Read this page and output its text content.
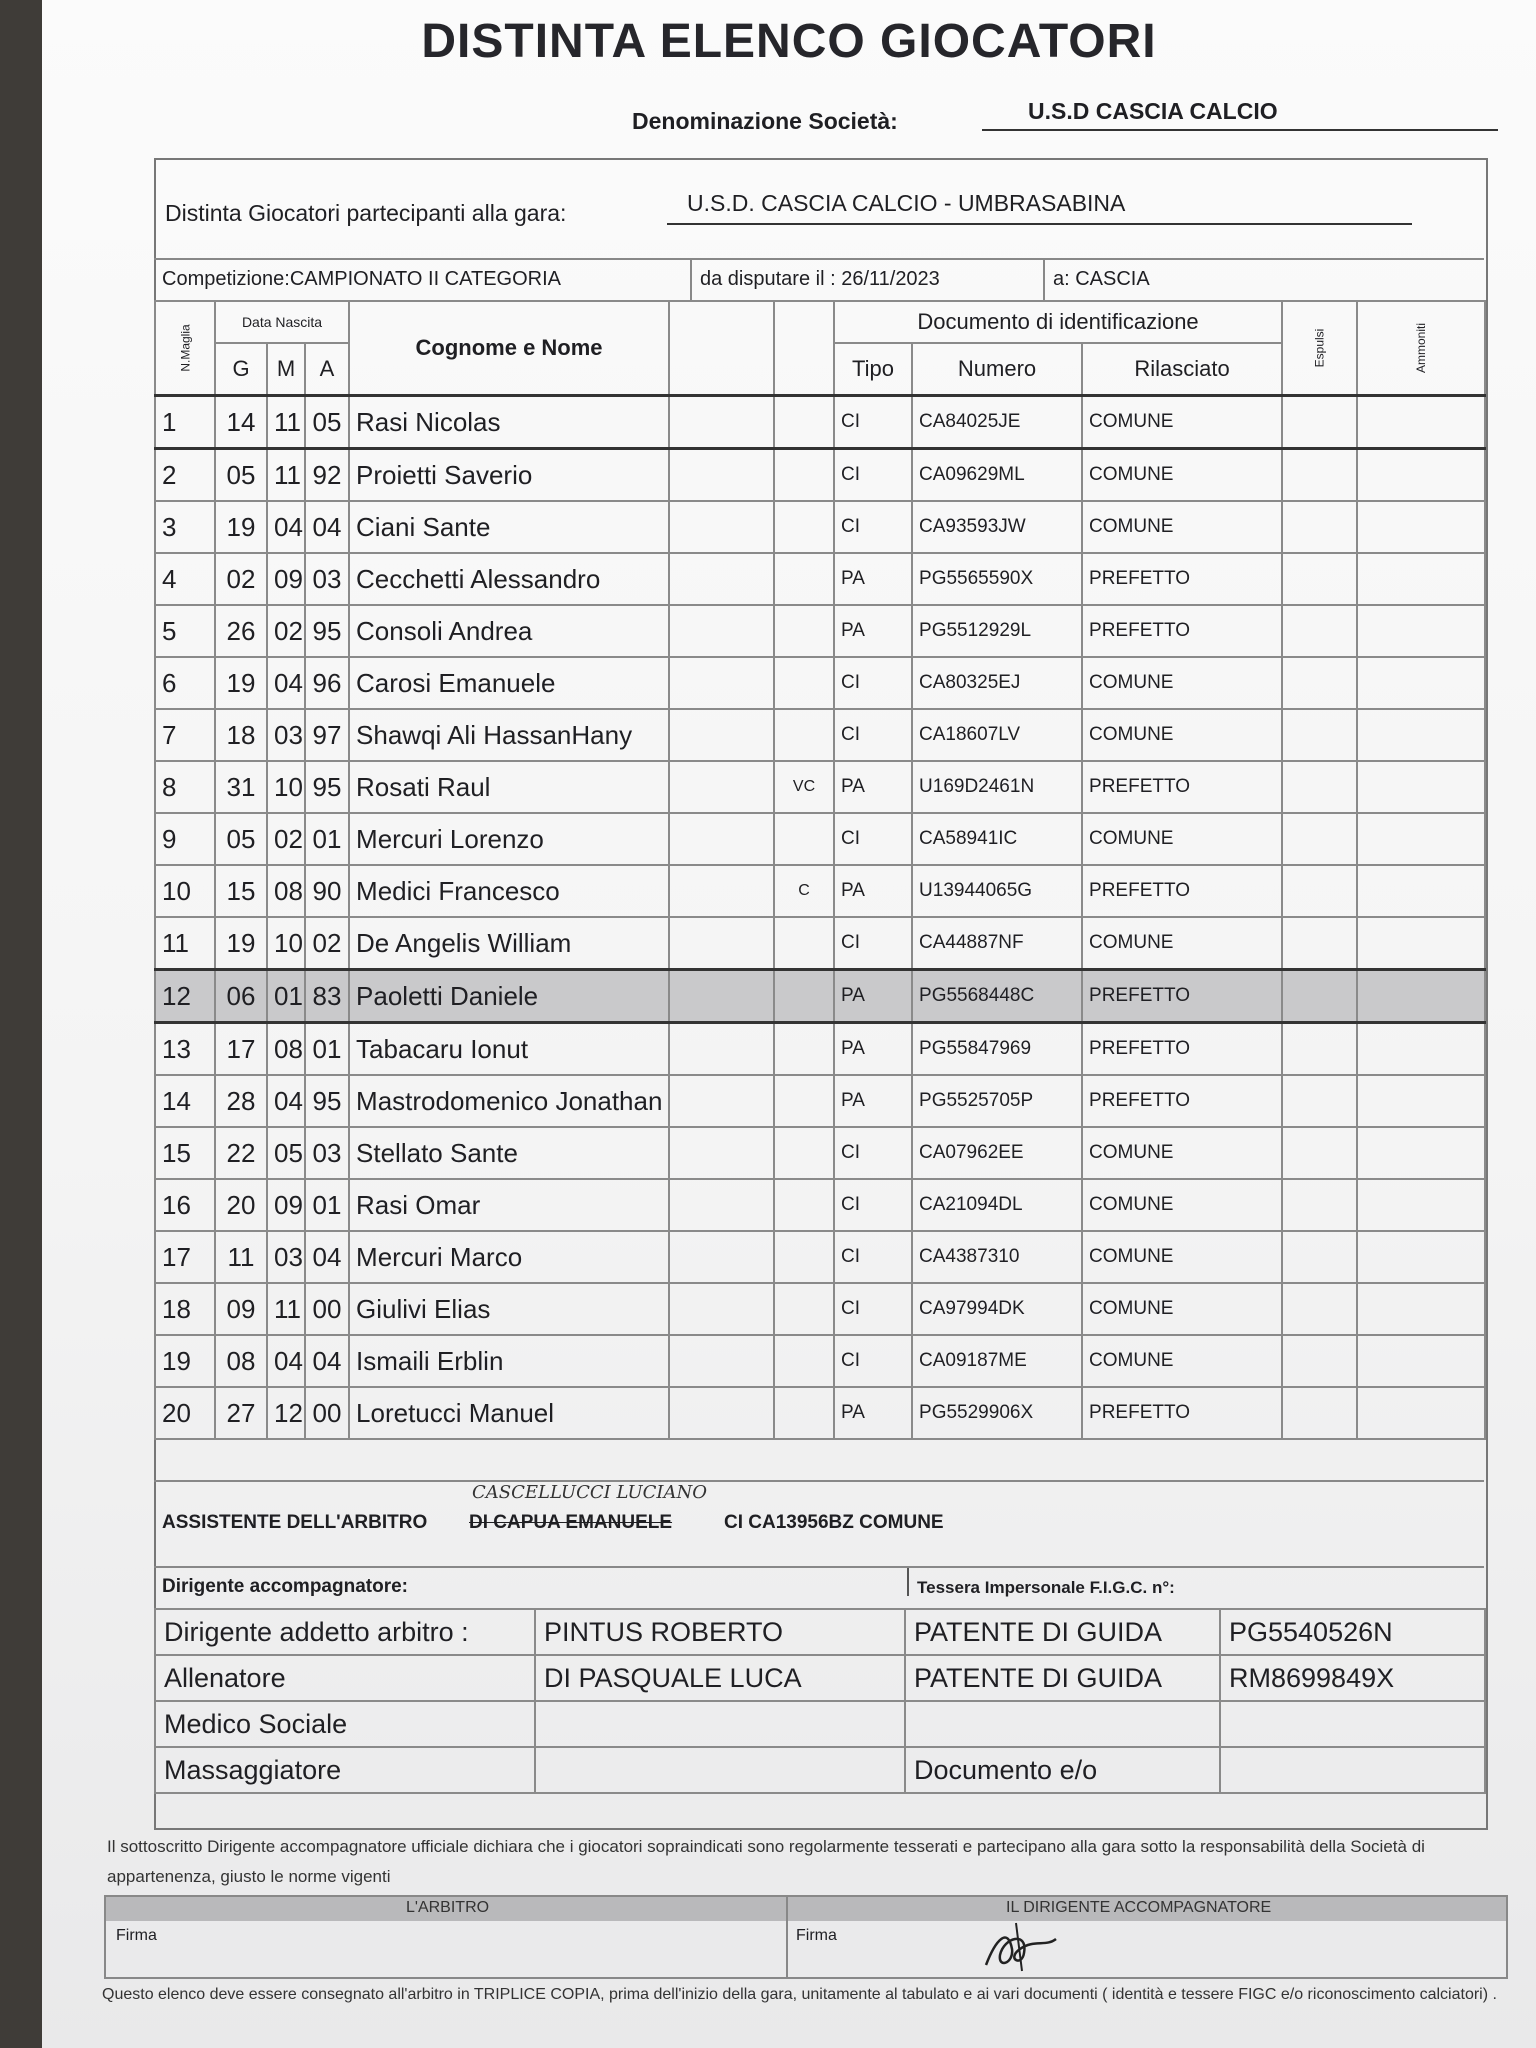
DISTINTA ELENCO GIOCATORI
Denominazione Società:	U.S.D CASCIA CALCIO
Distinta Giocatori partecipanti alla gara:	U.S.D. CASCIA CALCIO - UMBRASABINA
Competizione:CAMPIONATO II CATEGORIA	da disputare il : 26/11/2023	a: CASCIA
N.Maglia	Data Nascita			Cognome e Nome			Documento di identificazione			Espulsi	Ammoniti
	G	M	A				Tipo	Numero	Rilasciato		
1	14	11	05	Rasi Nicolas			CI	CA84025JE	COMUNE		
2	05	11	92	Proietti Saverio			CI	CA09629ML	COMUNE		
3	19	04	04	Ciani Sante			CI	CA93593JW	COMUNE		
4	02	09	03	Cecchetti Alessandro			PA	PG5565590X	PREFETTO		
5	26	02	95	Consoli Andrea			PA	PG5512929L	PREFETTO		
6	19	04	96	Carosi Emanuele			CI	CA80325EJ	COMUNE		
7	18	03	97	Shawqi Ali HassanHany			CI	CA18607LV	COMUNE		
8	31	10	95	Rosati Raul		VC	PA	U169D2461N	PREFETTO		
9	05	02	01	Mercuri Lorenzo			CI	CA58941IC	COMUNE		
10	15	08	90	Medici Francesco		C	PA	U13944065G	PREFETTO		
11	19	10	02	De Angelis William			CI	CA44887NF	COMUNE		
12	06	01	83	Paoletti Daniele			PA	PG5568448C	PREFETTO		
13	17	08	01	Tabacaru Ionut			PA	PG55847969	PREFETTO		
14	28	04	95	Mastrodomenico Jonathan			PA	PG5525705P	PREFETTO		
15	22	05	03	Stellato Sante			CI	CA07962EE	COMUNE		
16	20	09	01	Rasi Omar			CI	CA21094DL	COMUNE		
17	11	03	04	Mercuri Marco			CI	CA4387310	COMUNE		
18	09	11	00	Giulivi Elias			CI	CA97994DK	COMUNE		
19	08	04	04	Ismaili Erblin			CI	CA09187ME	COMUNE		
20	27	12	00	Loretucci Manuel			PA	PG5529906X	PREFETTO		
CASCELLUCCI LUCIANO
ASSISTENTE DELL'ARBITRO DI CAPUA EMANUELE	CI CA13956BZ COMUNE
Dirigente accompagnatore:	Tessera Impersonale F.I.G.C. n°:
Dirigente addetto arbitro :	PINTUS ROBERTO	PATENTE DI GUIDA	PG5540526N
Allenatore	DI PASQUALE LUCA	PATENTE DI GUIDA	RM8699849X
Medico Sociale			
Massaggiatore		Documento e/o	
Il sottoscritto Dirigente accompagnatore ufficiale dichiara che i giocatori sopraindicati sono regolarmente tesserati e partecipano alla gara sotto la responsabilità della Società di appartenenza, giusto le norme vigenti
L'ARBITRO	IL DIRIGENTE ACCOMPAGNATORE
Firma	Firma
Questo elenco deve essere consegnato all'arbitro in TRIPLICE COPIA, prima dell'inizio della gara, unitamente al tabulato e ai vari documenti ( identità e tessere FIGC e/o riconoscimento calciatori) .
